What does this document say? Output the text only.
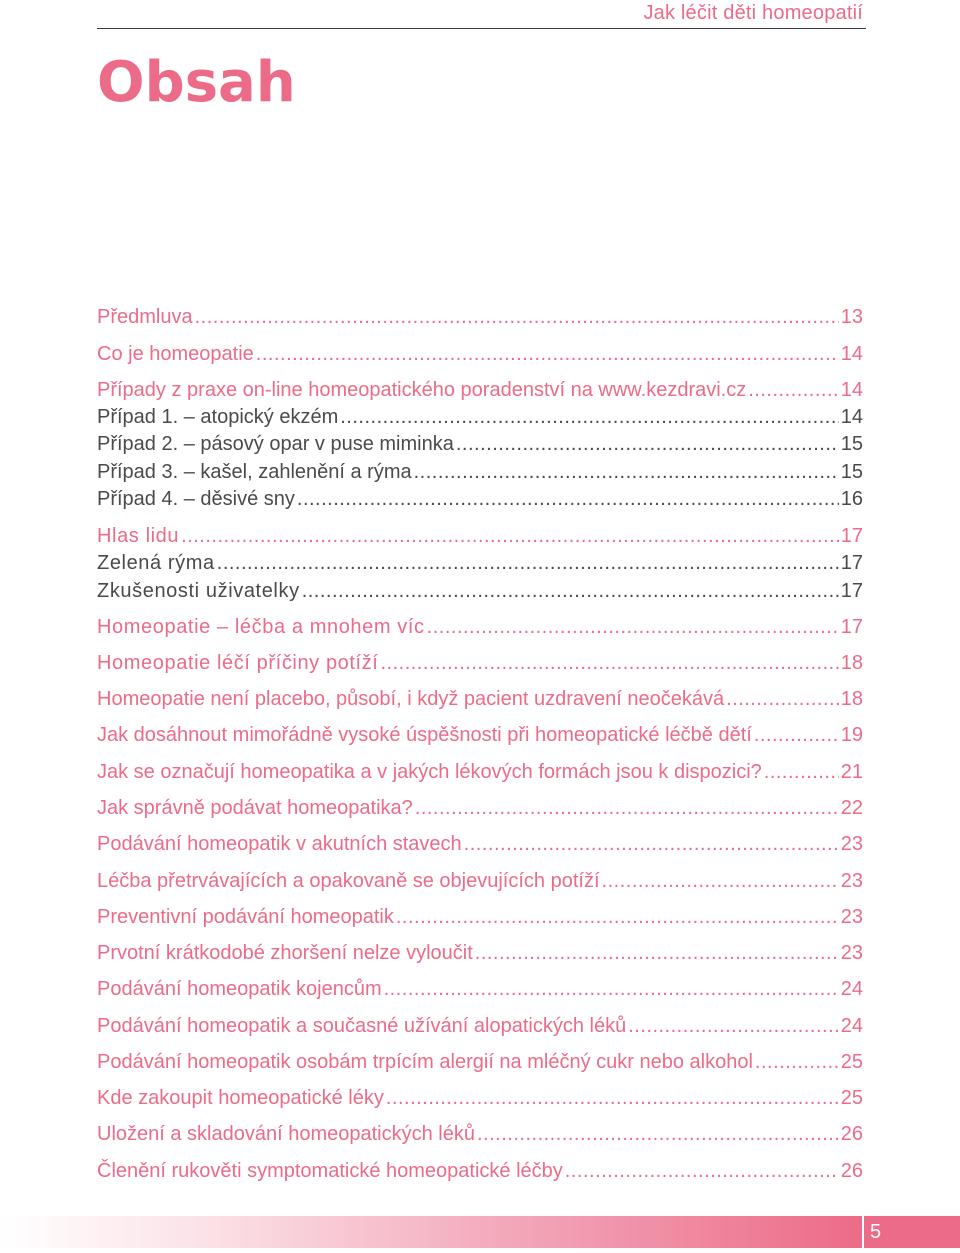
Jak léčit děti homeopatií
Obsah
Předmluva .....	13
Co je homeopatie .....	14
Případy z praxe on-line homeopatického poradenství na www.kezdravi.cz .....	14
Případ 1. – atopický ekzém .....	14
Případ 2. – pásový opar v puse miminka .....	15
Případ 3. – kašel, zahlenění a rýma .....	15
Případ 4. – děsivé sny .....	16
Hlas lidu .....	17
Zelená rýma .....	17
Zkušenosti uživatelky .....	17
Homeopatie – léčba a mnohem víc .....	17
Homeopatie léčí příčiny potíží .....	18
Homeopatie není placebo, působí, i když pacient uzdravení neočekává .....	18
Jak dosáhnout mimořádně vysoké úspěšnosti při homeopatické léčbě dětí .....	19
Jak se označují homeopatika a v jakých lékových formách jsou k dispozici? .....	21
Jak správně podávat homeopatika? .....	22
Podávání homeopatik v akutních stavech .....	23
Léčba přetrvávajících a opakovaně se objevujících potíží .....	23
Preventivní podávání homeopatik .....	23
Prvotní krátkodobé zhoršení nelze vyloučit .....	23
Podávání homeopatik kojencům .....	24
Podávání homeopatik a současné užívání alopatických léků .....	24
Podávání homeopatik osobám trpícím alergií na mléčný cukr nebo alkohol .....	25
Kde zakoupit homeopatické léky .....	25
Uložení a skladování homeopatických léků .....	26
Členění rukověti symptomatické homeopatické léčby .....	26
5
